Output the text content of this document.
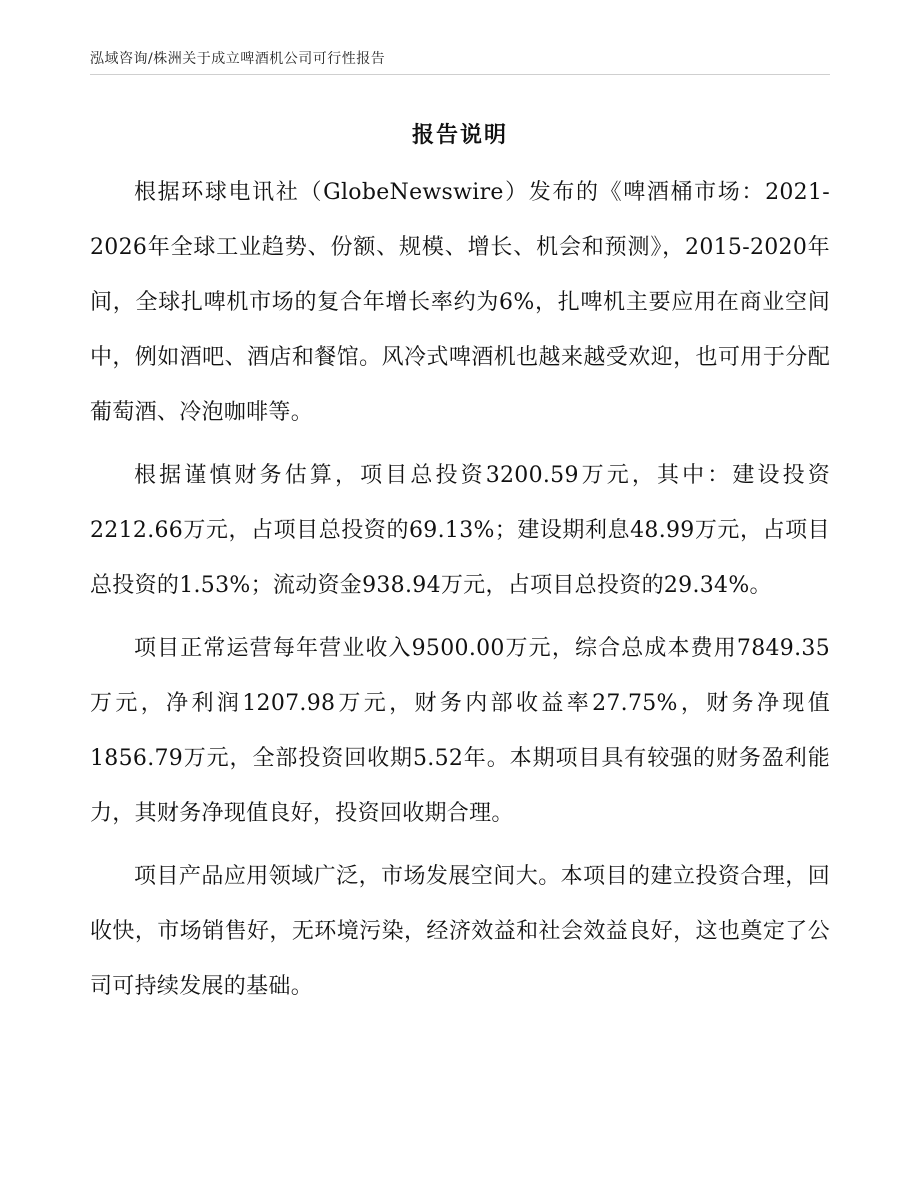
泓域咨询/株洲关于成立啤酒机公司可行性报告
报告说明

根据环球电讯社（GlobeNewswire）发布的《啤酒桶市场：2021-2026年全球工业趋势、份额、规模、增长、机会和预测》，2015-2020年间，全球扎啤机市场的复合年增长率约为6%，扎啤机主要应用在商业空间中，例如酒吧、酒店和餐馆。风冷式啤酒机也越来越受欢迎，也可用于分配葡萄酒、冷泡咖啡等。

根据谨慎财务估算，项目总投资3200.59万元，其中：建设投资2212.66万元，占项目总投资的69.13%；建设期利息48.99万元，占项目总投资的1.53%；流动资金938.94万元，占项目总投资的29.34%。

项目正常运营每年营业收入9500.00万元，综合总成本费用7849.35万元，净利润1207.98万元，财务内部收益率27.75%，财务净现值1856.79万元，全部投资回收期5.52年。本期项目具有较强的财务盈利能力，其财务净现值良好，投资回收期合理。

项目产品应用领域广泛，市场发展空间大。本项目的建立投资合理，回收快，市场销售好，无环境污染，经济效益和社会效益良好，这也奠定了公司可持续发展的基础。
